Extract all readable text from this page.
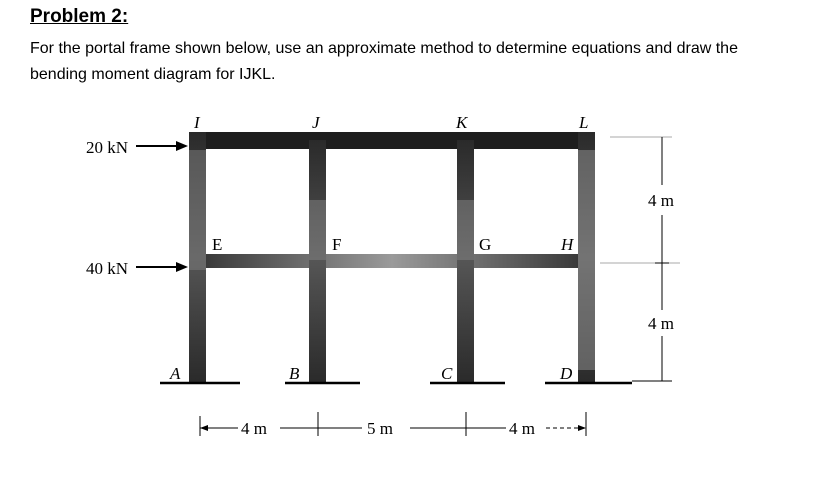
Problem 2:

For the portal frame shown below, use an approximate method to determine equations and draw the bending moment diagram for IJKL.

I	J	K	L
E	F	G	H
A	B	C	D
20 kN
40 kN
4 m	5 m	4 m
4 m
4 m
